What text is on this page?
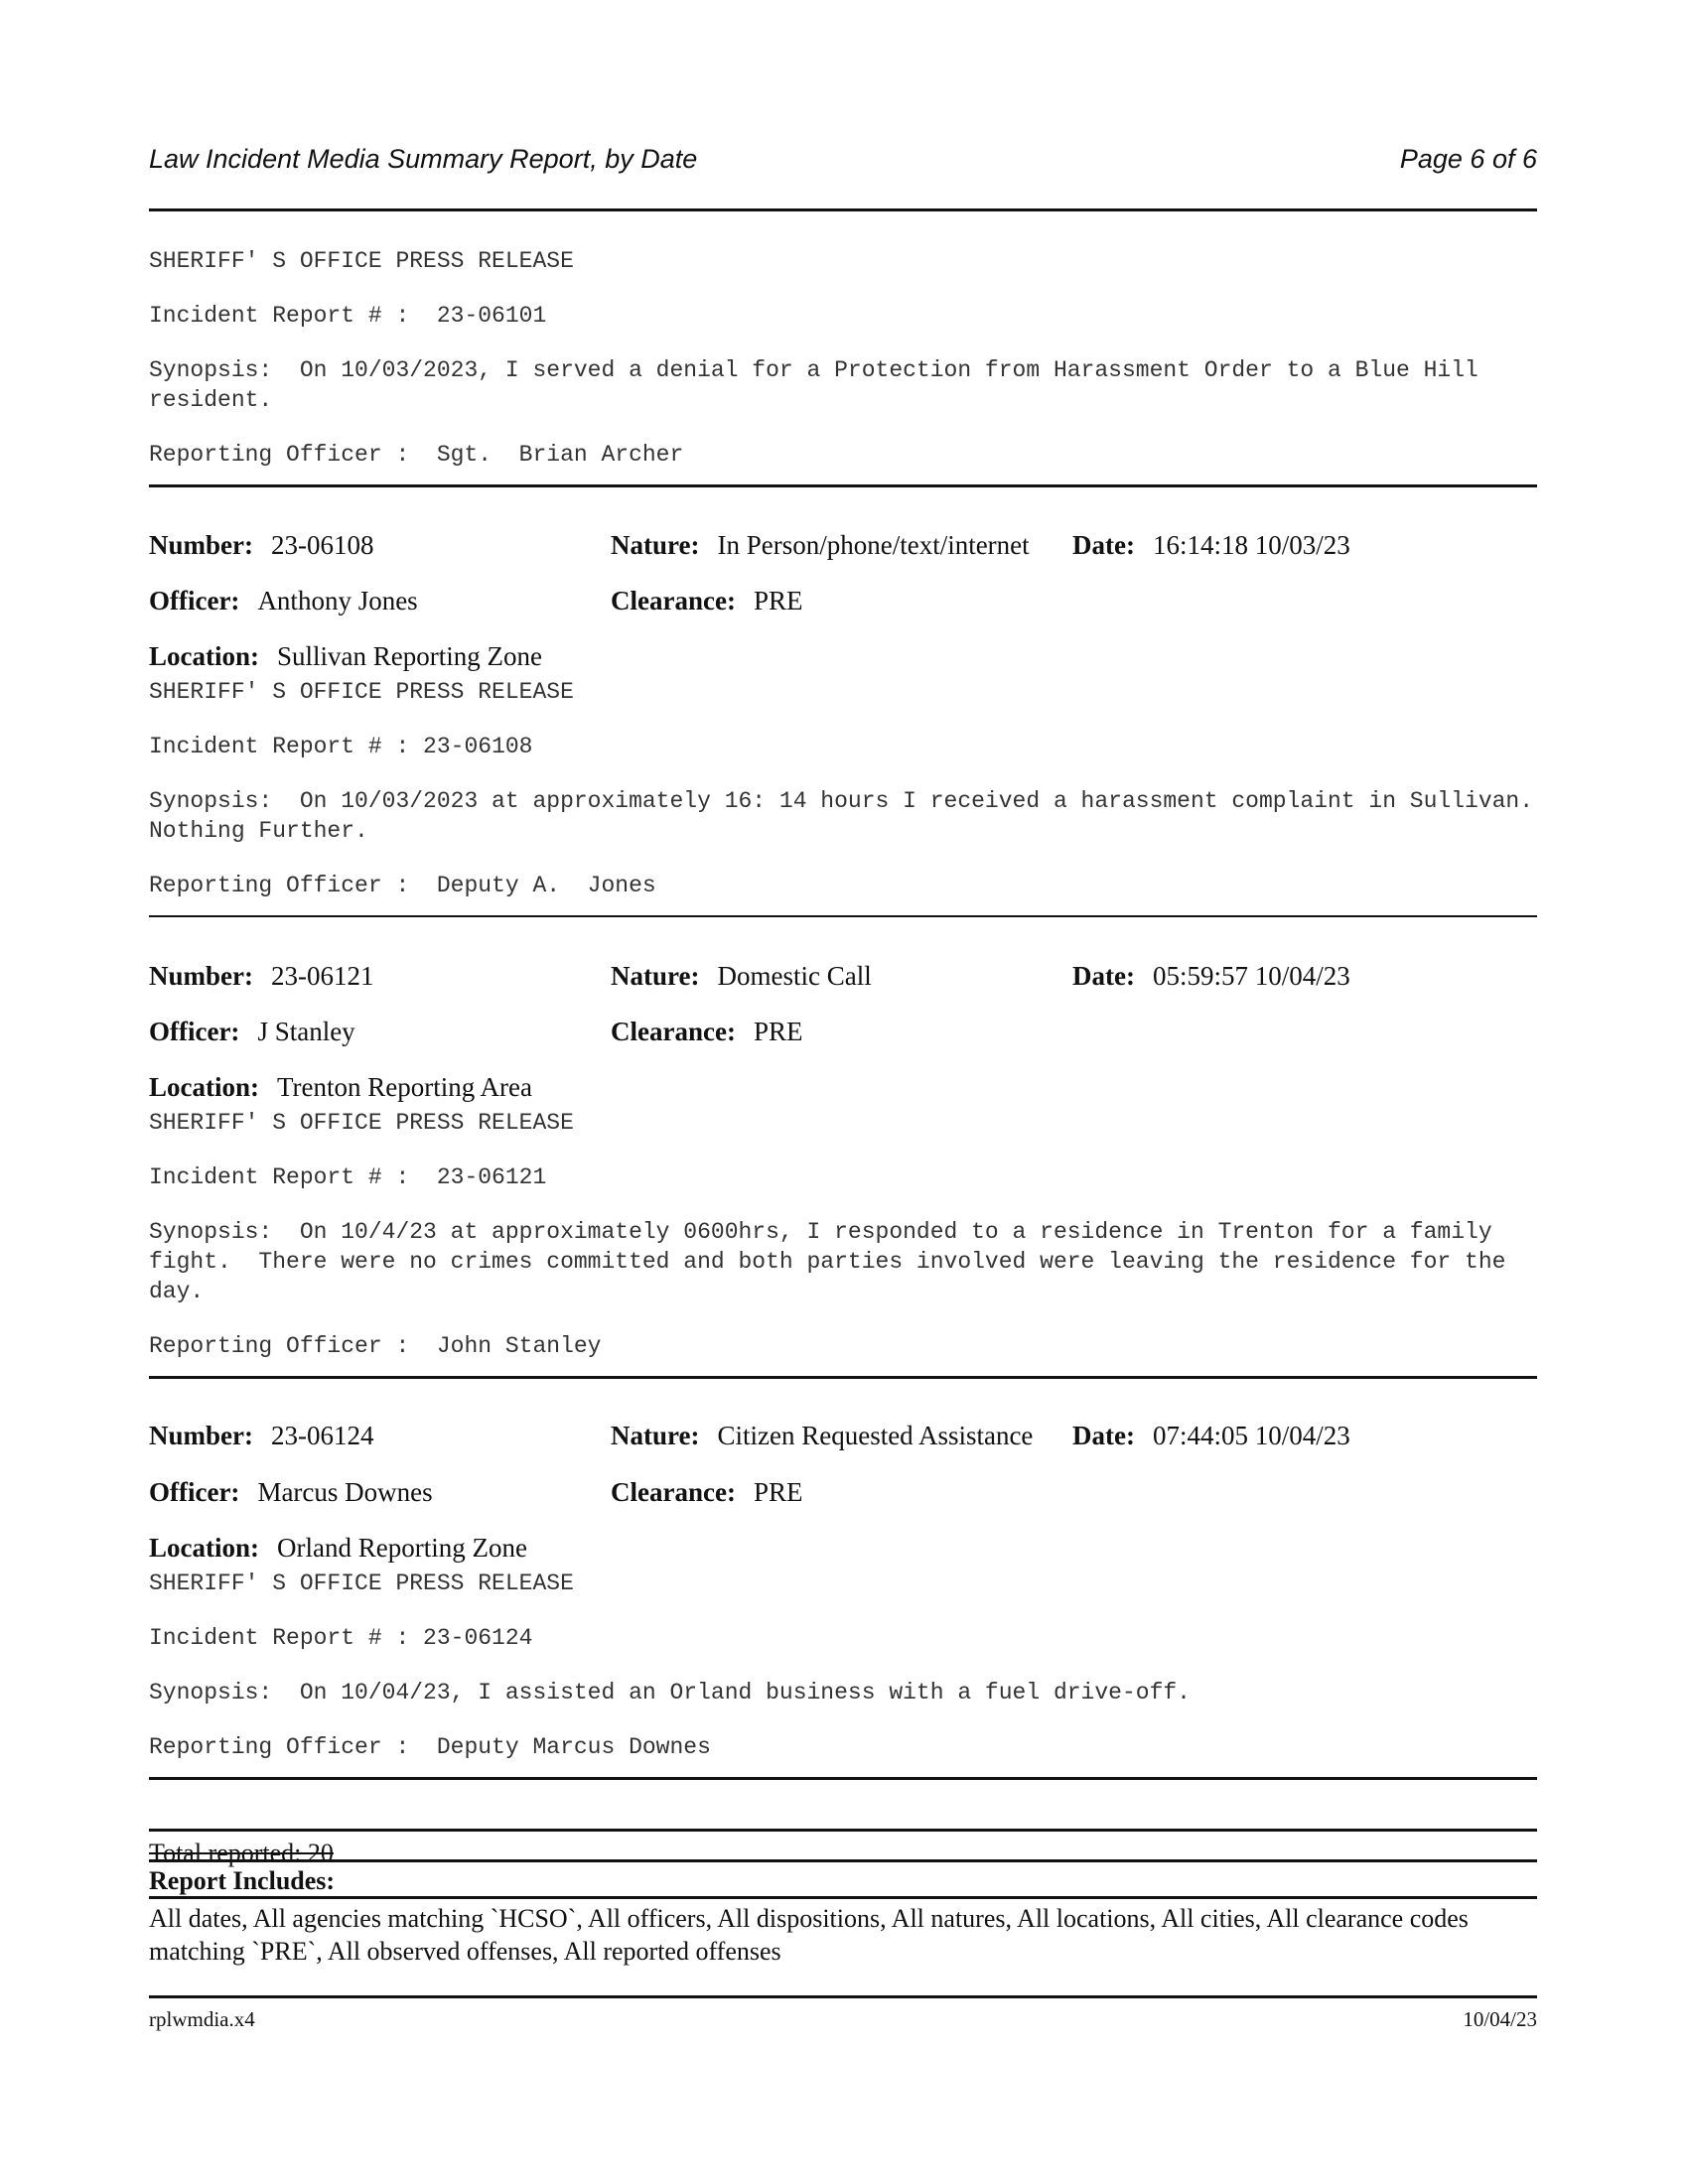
Law Incident Media Summary Report, by Date	Page 6 of 6
SHERIFF' S OFFICE PRESS RELEASE
Incident Report # :  23-06101
Synopsis:  On 10/03/2023, I served a denial for a Protection from Harassment Order to a Blue Hill resident.
Reporting Officer :  Sgt.  Brian Archer
Number: 23-06108	Nature: In Person/phone/text/internet Date: 16:14:18 10/03/23
Officer: Anthony Jones	Clearance: PRE
Location: Sullivan Reporting Zone
SHERIFF' S OFFICE PRESS RELEASE
Incident Report # : 23-06108
Synopsis:  On 10/03/2023 at approximately 16: 14 hours I received a harassment complaint in Sullivan.  Nothing Further.
Reporting Officer :  Deputy A.  Jones
Number: 23-06121	Nature: Domestic Call	Date: 05:59:57 10/04/23
Officer: J Stanley	Clearance: PRE
Location: Trenton Reporting Area
SHERIFF' S OFFICE PRESS RELEASE
Incident Report # :  23-06121
Synopsis:  On 10/4/23 at approximately 0600hrs, I responded to a residence in Trenton for a family fight.  There were no crimes committed and both parties involved were leaving the residence for the day.
Reporting Officer :  John Stanley
Number: 23-06124	Nature: Citizen Requested Assistance Date: 07:44:05 10/04/23
Officer: Marcus Downes	Clearance: PRE
Location: Orland Reporting Zone
SHERIFF' S OFFICE PRESS RELEASE
Incident Report # : 23-06124
Synopsis:  On 10/04/23, I assisted an Orland business with a fuel drive-off.
Reporting Officer :  Deputy Marcus Downes
Total reported: 20
Report Includes:
All dates, All agencies matching `HCSO`, All officers, All dispositions, All natures, All locations, All cities, All clearance codes matching `PRE`, All observed offenses, All reported offenses
rplwmdia.x4	10/04/23
